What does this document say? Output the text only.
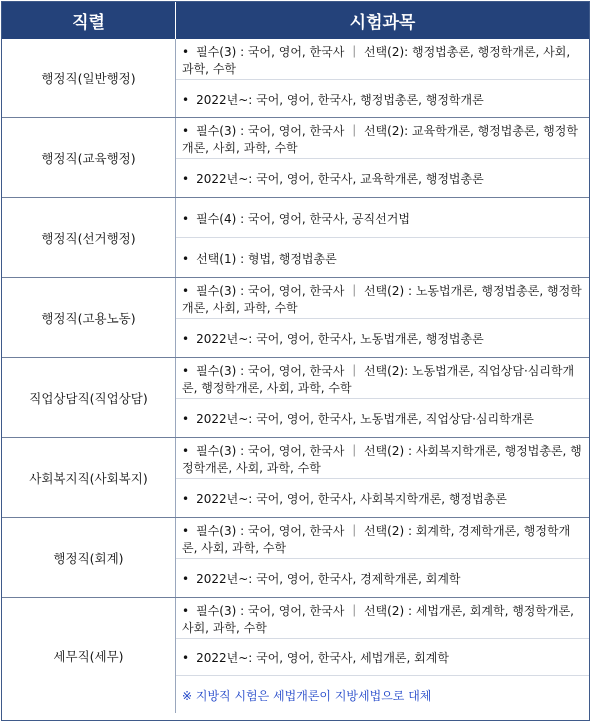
직렬	시험과목
행정직(일반행정)	• 필수(3) : 국어, 영어, 한국사 ｜ 선택(2): 행정법총론, 행정학개론, 사회, 과학, 수학
• 2022년~: 국어, 영어, 한국사, 행정법총론, 행정학개론

행정직(교육행정)	• 필수(3) : 국어, 영어, 한국사 ｜ 선택(2): 교육학개론, 행정법총론, 행정학개론, 사회, 과학, 수학
• 2022년~: 국어, 영어, 한국사, 교육학개론, 행정법총론

행정직(선거행정)	• 필수(4) : 국어, 영어, 한국사, 공직선거법
• 선택(1) : 형법, 행정법총론

행정직(고용노동)	• 필수(3) : 국어, 영어, 한국사 ｜ 선택(2) : 노동법개론, 행정법총론, 행정학개론, 사회, 과학, 수학
• 2022년~: 국어, 영어, 한국사, 노동법개론, 행정법총론

직업상담직(직업상담)	• 필수(3) : 국어, 영어, 한국사 ｜ 선택(2): 노동법개론, 직업상담·심리학개론, 행정학개론, 사회, 과학, 수학
• 2022년~: 국어, 영어, 한국사, 노동법개론, 직업상담·심리학개론

사회복지직(사회복지)	• 필수(3) : 국어, 영어, 한국사 ｜ 선택(2) : 사회복지학개론, 행정법총론, 행정학개론, 사회, 과학, 수학
• 2022년~: 국어, 영어, 한국사, 사회복지학개론, 행정법총론

행정직(회계)	• 필수(3) : 국어, 영어, 한국사 ｜ 선택(2) : 회계학, 경제학개론, 행정학개론, 사회, 과학, 수학
• 2022년~: 국어, 영어, 한국사, 경제학개론, 회계학

세무직(세무)	• 필수(3) : 국어, 영어, 한국사 ｜ 선택(2) : 세법개론, 회계학, 행정학개론, 사회, 과학, 수학
• 2022년~: 국어, 영어, 한국사, 세법개론, 회계학
※ 지방직 시험은 세법개론이 지방세법으로 대체
